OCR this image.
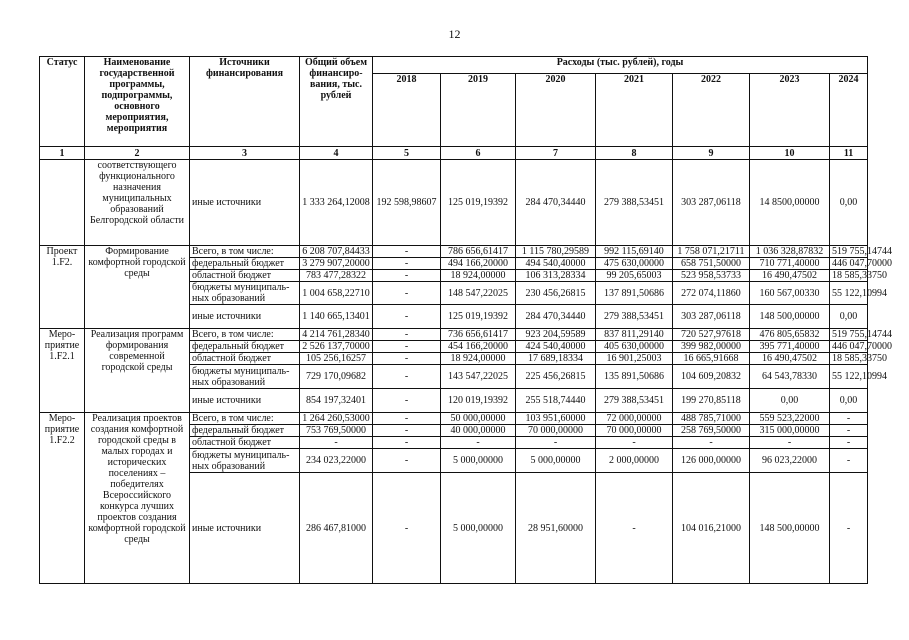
12
Статус	Наименование государственной программы, подпрограммы, основного мероприятия, мероприятия	Источники финансирования	Общий объем финансиро-вания, тыс. рублей	Расходы (тыс. рублей), годы						
				2018	2019	2020	2021	2022	2023	2024
1	2	3	4	5	6	7	8	9	10	11
	соответствующего функционального назначения муниципальных образований Белгородской области	иные источники	1 333 264,12008	192 598,98607	125 019,19392	284 470,34440	279 388,53451	303 287,06118	14 8500,00000	0,00
Проект 1.F2.	Формирование комфортной городской среды	Всего, в том числе:	6 208 707,84433	-	786 656,61417	1 115 780,29589	992 115,69140	1 758 071,21711	1 036 328,87832	519 755,14744
		федеральный бюджет	3 279 907,20000	-	494 166,20000	494 540,40000	475 630,00000	658 751,50000	710 771,40000	446 047,70000
		областной бюджет	783 477,28322	-	18 924,00000	106 313,28334	99 205,65003	523 958,53733	16 490,47502	18 585,33750
		бюджеты муниципаль-ных образований	1 004 658,22710	-	148 547,22025	230 456,26815	137 891,50686	272 074,11860	160 567,00330	55 122,10994
		иные источники	1 140 665,13401	-	125 019,19392	284 470,34440	279 388,53451	303 287,06118	148 500,00000	0,00
Меро-приятие 1.F2.1	Реализация программ формирования современной городской среды	Всего, в том числе:	4 214 761,28340	-	736 656,61417	923 204,59589	837 811,29140	720 527,97618	476 805,65832	519 755,14744
		федеральный бюджет	2 526 137,70000	-	454 166,20000	424 540,40000	405 630,00000	399 982,00000	395 771,40000	446 047,70000
		областной бюджет	105 256,16257	-	18 924,00000	17 689,18334	16 901,25003	16 665,91668	16 490,47502	18 585,33750
		бюджеты муниципаль-ных образований	729 170,09682	-	143 547,22025	225 456,26815	135 891,50686	104 609,20832	64 543,78330	55 122,10994
		иные источники	854 197,32401	-	120 019,19392	255 518,74440	279 388,53451	199 270,85118	0,00	0,00
Меро-приятие 1.F2.2	Реализация проектов создания комфортной городской среды в малых городах и исторических поселениях – победителях Всероссийского конкурса лучших проектов создания комфортной городской среды	Всего, в том числе:	1 264 260,53000	-	50 000,00000	103 951,60000	72 000,00000	488 785,71000	559 523,22000	-
		федеральный бюджет	753 769,50000	-	40 000,00000	70 000,00000	70 000,00000	258 769,50000	315 000,00000	-
		областной бюджет	-	-	-	-	-	-	-	-
		бюджеты муниципаль-ных образований	234 023,22000	-	5 000,00000	5 000,00000	2 000,00000	126 000,00000	96 023,22000	-
		иные источники	286 467,81000	-	5 000,00000	28 951,60000	-	104 016,21000	148 500,00000	-
